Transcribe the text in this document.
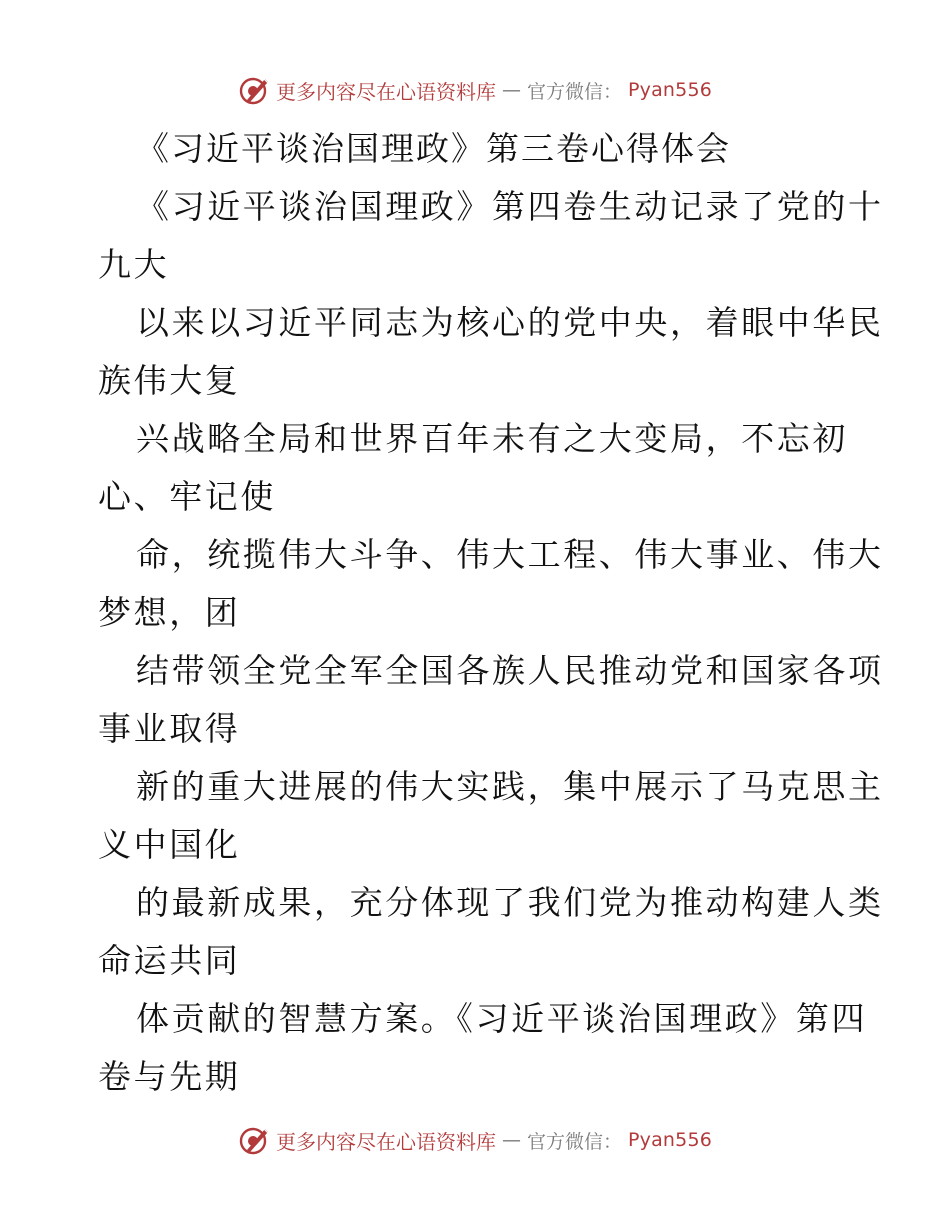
更多内容尽在心语资料库 — 官方微信： Pyan556
《习近平谈治国理政》第三卷心得体会
《习近平谈治国理政》第四卷生动记录了党的十
九大
以来以习近平同志为核心的党中央，着眼中华民
族伟大复
兴战略全局和世界百年未有之大变局，不忘初
心、牢记使
命，统揽伟大斗争、伟大工程、伟大事业、伟大
梦想，团
结带领全党全军全国各族人民推动党和国家各项
事业取得
新的重大进展的伟大实践，集中展示了马克思主
义中国化
的最新成果，充分体现了我们党为推动构建人类
命运共同
体贡献的智慧方案。《习近平谈治国理政》第四
卷与先期
更多内容尽在心语资料库 — 官方微信： Pyan556
